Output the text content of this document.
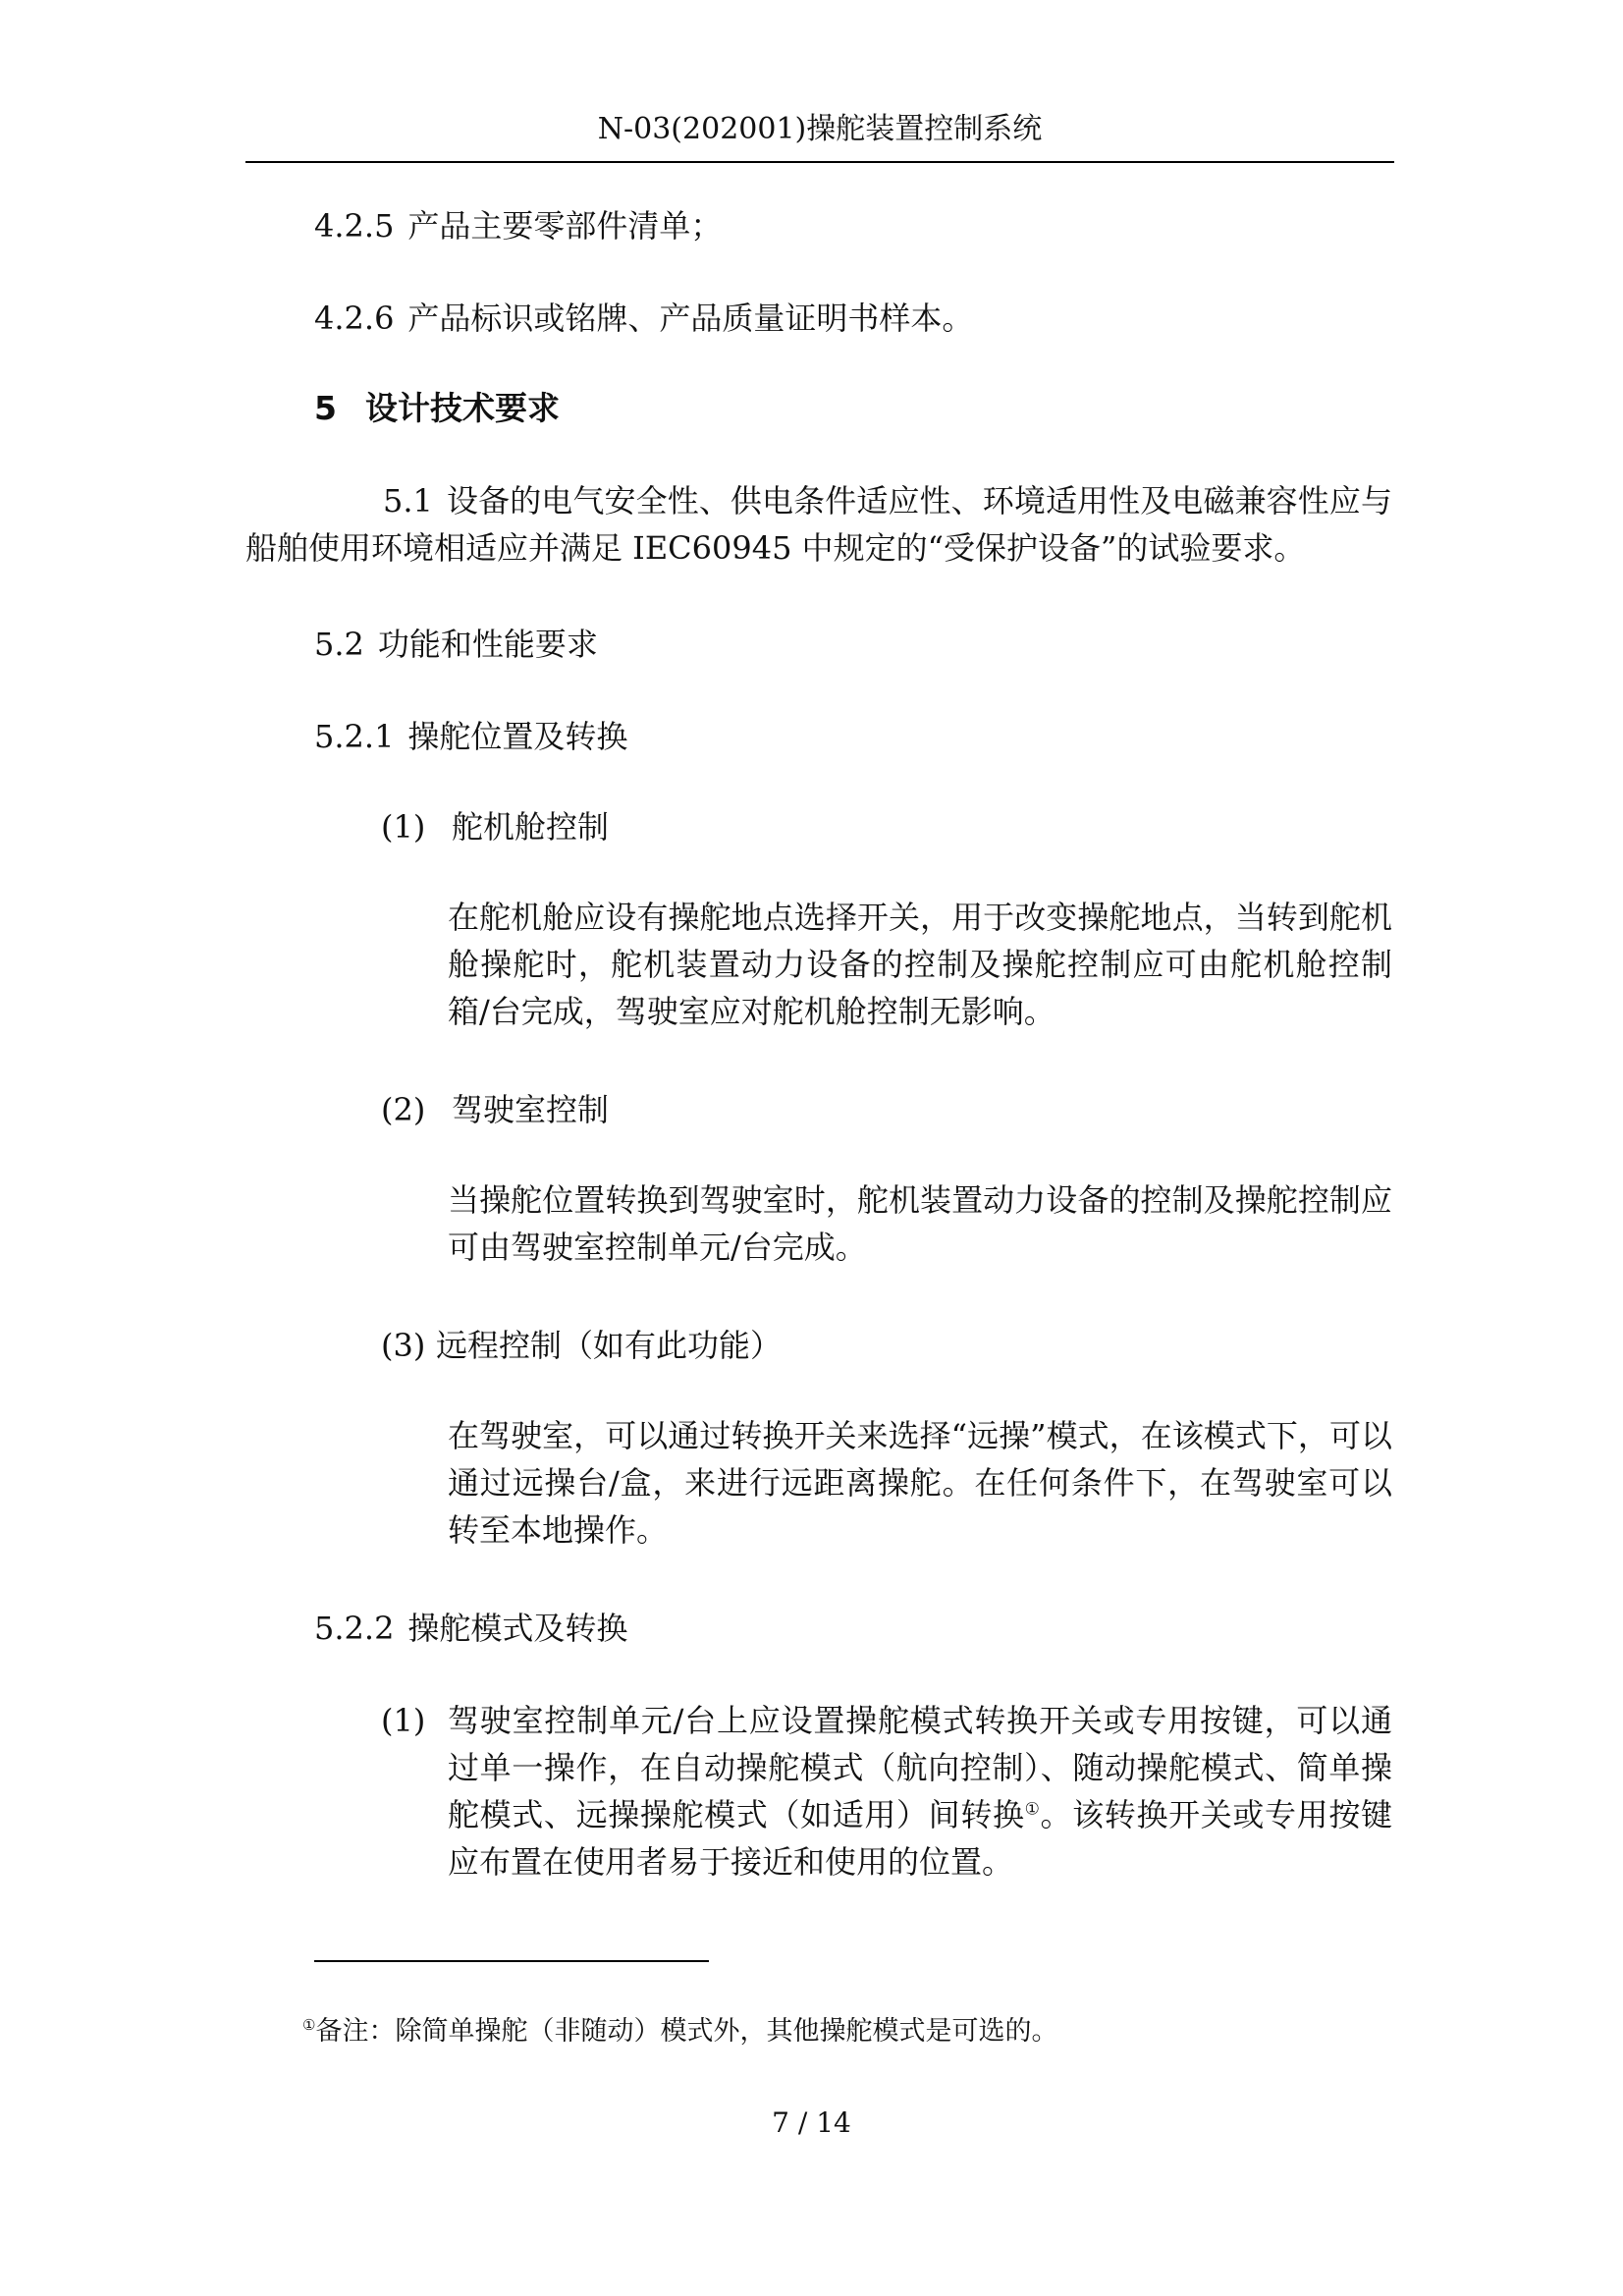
N-03(202001)操舵装置控制系统
4.2.5 产品主要零部件清单；
4.2.6 产品标识或铭牌、产品质量证明书样本。
5 设计技术要求
5.1 设备的电气安全性、供电条件适应性、环境适用性及电磁兼容性应与船舶使用环境相适应并满足 IEC60945 中规定的“受保护设备”的试验要求。
5.2 功能和性能要求
5.2.1 操舵位置及转换
(1) 舵机舱控制
在舵机舱应设有操舵地点选择开关，用于改变操舵地点，当转到舵机舱操舵时，舵机装置动力设备的控制及操舵控制应可由舵机舱控制箱/台完成，驾驶室应对舵机舱控制无影响。
(2) 驾驶室控制
当操舵位置转换到驾驶室时，舵机装置动力设备的控制及操舵控制应可由驾驶室控制单元/台完成。
(3) 远程控制（如有此功能）
在驾驶室，可以通过转换开关来选择“远操”模式，在该模式下，可以通过远操台/盒，来进行远距离操舵。在任何条件下，在驾驶室可以转至本地操作。
5.2.2 操舵模式及转换
(1) 驾驶室控制单元/台上应设置操舵模式转换开关或专用按键，可以通过单一操作，在自动操舵模式（航向控制）、随动操舵模式、简单操舵模式、远操操舵模式（如适用）间转换①。该转换开关或专用按键应布置在使用者易于接近和使用的位置。
①备注：除简单操舵（非随动）模式外，其他操舵模式是可选的。
7 / 14
